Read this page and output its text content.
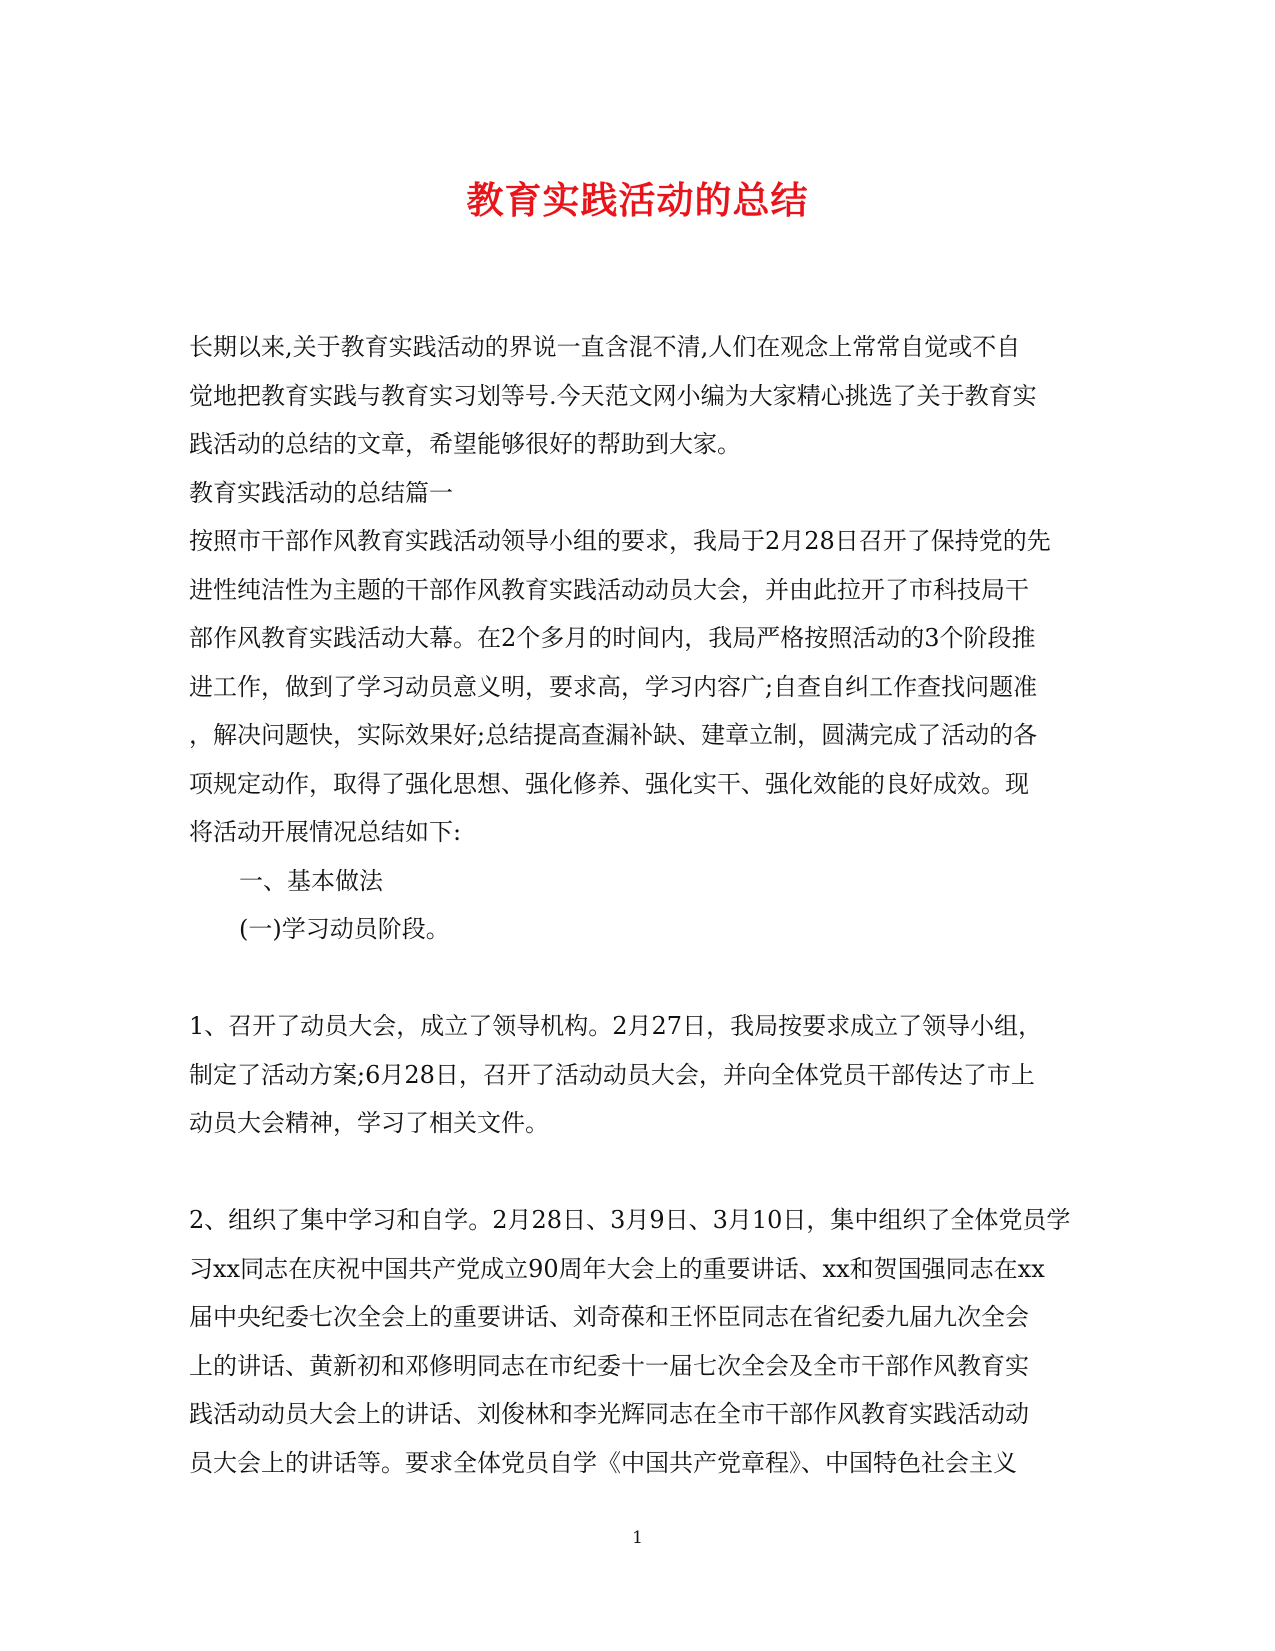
教育实践活动的总结

长期以来,关于教育实践活动的界说一直含混不清,人们在观念上常常自觉或不自

觉地把教育实践与教育实习划等号.今天范文网小编为大家精心挑选了关于教育实

践活动的总结的文章，希望能够很好的帮助到大家。

教育实践活动的总结篇一

按照市干部作风教育实践活动领导小组的要求，我局于2月28日召开了保持党的先

进性纯洁性为主题的干部作风教育实践活动动员大会，并由此拉开了市科技局干

部作风教育实践活动大幕。在2个多月的时间内，我局严格按照活动的3个阶段推

进工作，做到了学习动员意义明，要求高，学习内容广;自查自纠工作查找问题准

，解决问题快，实际效果好;总结提高查漏补缺、建章立制，圆满完成了活动的各

项规定动作，取得了强化思想、强化修养、强化实干、强化效能的良好成效。现

将活动开展情况总结如下:

一、基本做法

(一)学习动员阶段。

1、召开了动员大会，成立了领导机构。2月27日，我局按要求成立了领导小组，

制定了活动方案;6月28日，召开了活动动员大会，并向全体党员干部传达了市上

动员大会精神，学习了相关文件。

2、组织了集中学习和自学。2月28日、3月9日、3月10日，集中组织了全体党员学

习xx同志在庆祝中国共产党成立90周年大会上的重要讲话、xx和贺国强同志在xx

届中央纪委七次全会上的重要讲话、刘奇葆和王怀臣同志在省纪委九届九次全会

上的讲话、黄新初和邓修明同志在市纪委十一届七次全会及全市干部作风教育实

践活动动员大会上的讲话、刘俊林和李光辉同志在全市干部作风教育实践活动动

员大会上的讲话等。要求全体党员自学《中国共产党章程》、中国特色社会主义

1
